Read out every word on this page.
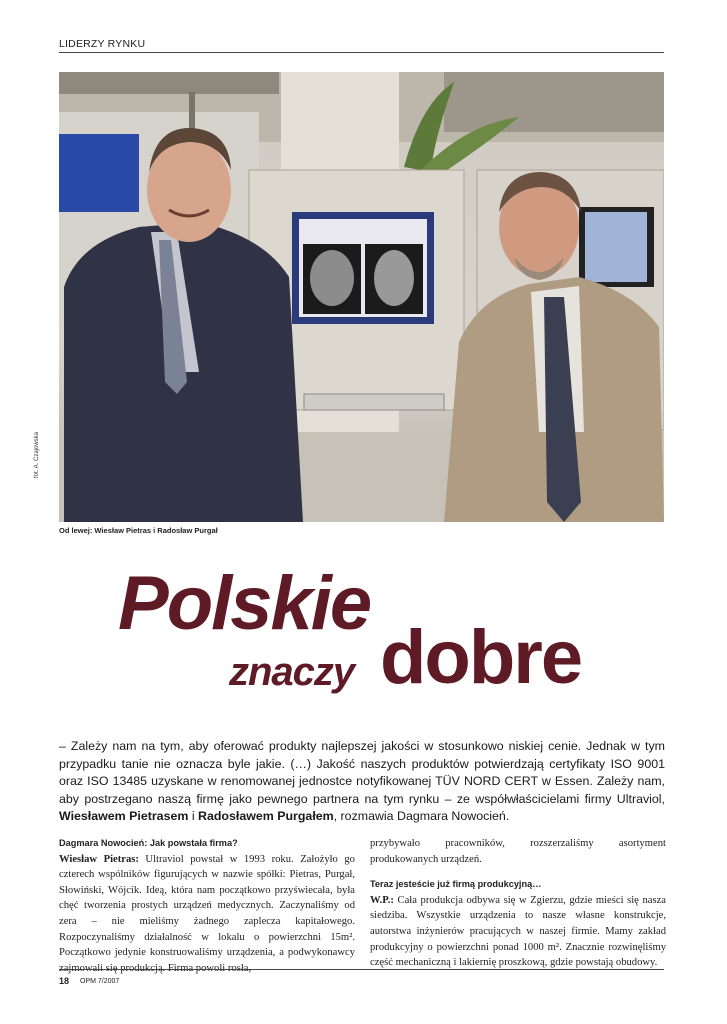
LIDERZY RYNKU
fot. A. Czajowska
Od lewej: Wiesław Pietras i Radosław Purgał
Polskie
znaczy dobre
– Zależy nam na tym, aby oferować produkty najlepszej jakości w stosunkowo niskiej cenie. Jednak w tym przypadku tanie nie oznacza byle jakie. (…) Jakość naszych produktów potwierdzają certyfikaty ISO 9001 oraz ISO 13485 uzyskane w renomowanej jednostce notyfikowanej TÜV NORD CERT w Essen. Zależy nam, aby postrzegano naszą firmę jako pewnego partnera na tym rynku – ze współwłaścicielami firmy Ultraviol, Wiesławem Pietrasem i Radosławem Purgałem, rozmawia Dagmara Nowocień.
Dagmara Nowocień: Jak powstała firma?

Wiesław Pietras: Ultraviol powstał w 1993 roku. Założyło go czterech wspólników figurujących w nazwie spółki: Pietras, Purgał, Słowiński, Wójcik. Ideą, która nam początkowo przyświecała, była chęć tworzenia prostych urządzeń medycznych. Zaczynaliśmy od zera – nie mieliśmy żadnego zaplecza kapitałowego. Rozpoczynaliśmy działalność w lokalu o powierzchni 15m². Początkowo jedynie konstruowaliśmy urządzenia, a podwykonawcy

przybywało pracowników, rozszerzaliśmy asortyment produkowanych urządzeń.

Teraz jesteście już firmą produkcyjną…

W.P.: Cała produkcja odbywa się w Zgierzu, gdzie mieści się nasza siedziba. Wszystkie urządzenia to nasze własne konstrukcje, autorstwa inżynierów pracujących w naszej firmie. Mamy zakład produkcyjny o powierzchni ponad 1000 m². Znacznie rozwinęliśmy część mechaniczną i lakiernię proszkową, gdzie powstają obudowy.

18 OPM 7/2007
